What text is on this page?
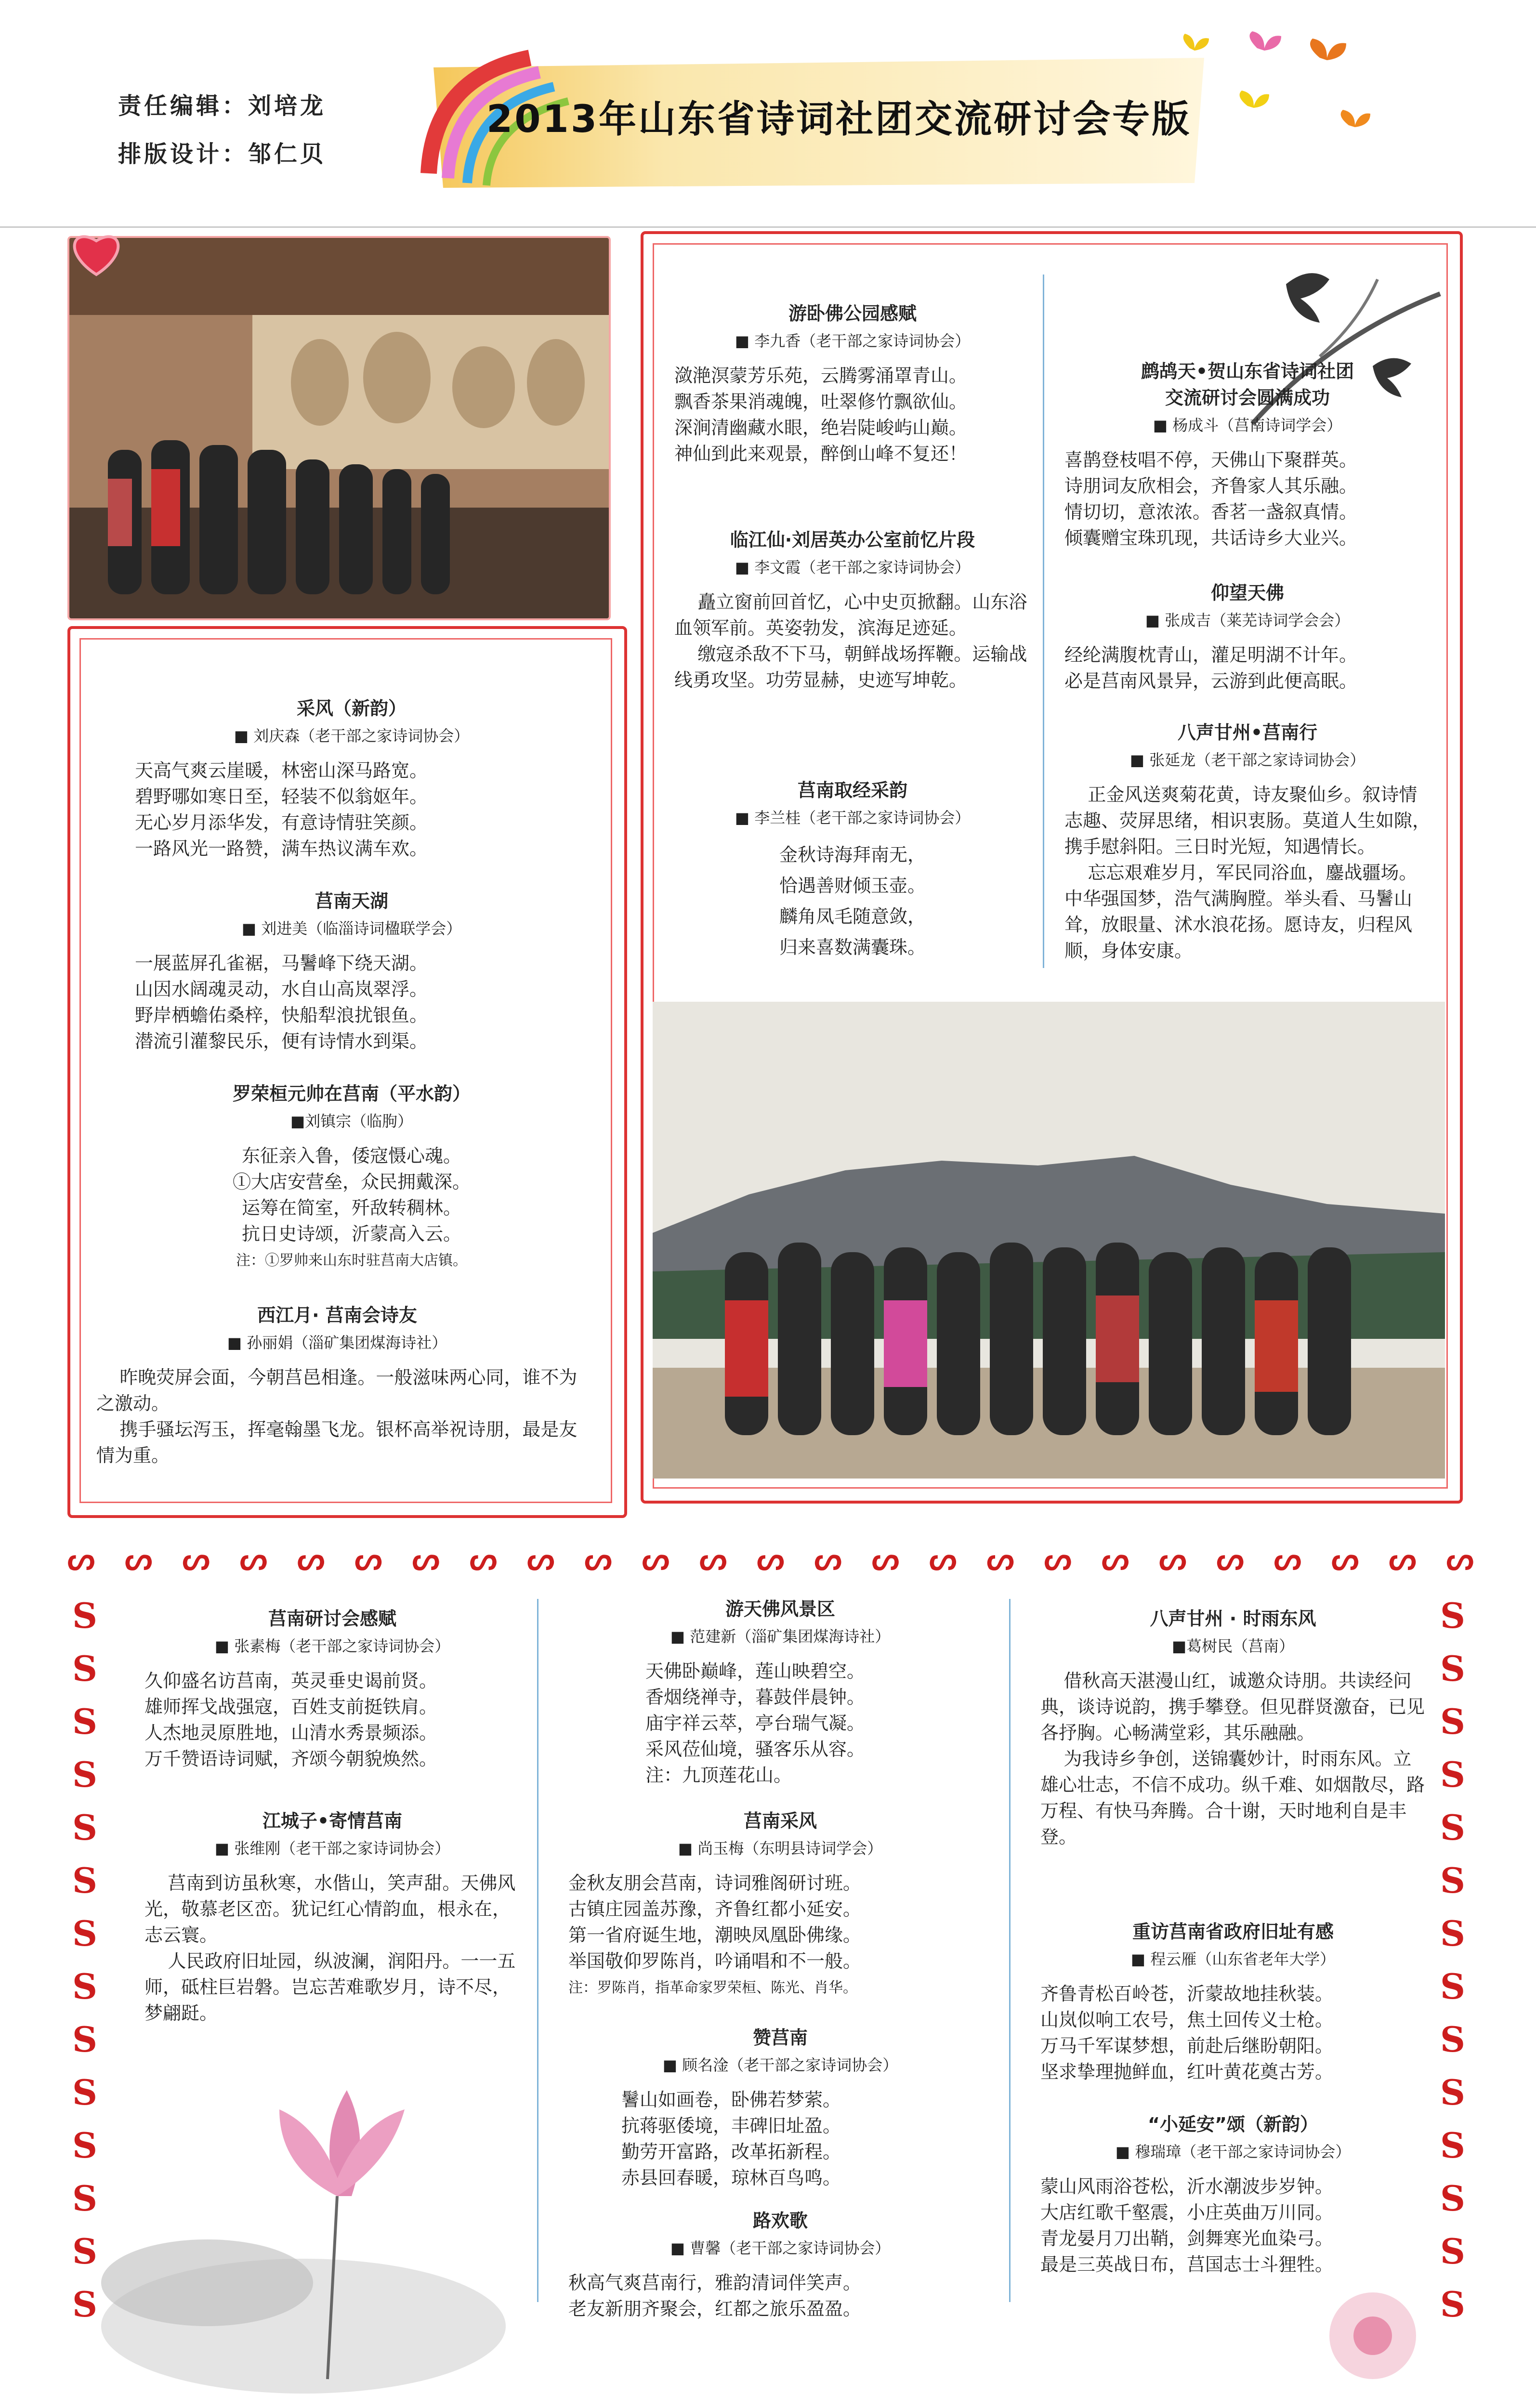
责任编辑：刘培龙
排版设计：邹仁贝
2013年山东省诗词社团交流研讨会专版
ᔕ ᔕ ᔕ ᔕ ᔕ ᔕ ᔕ ᔕ ᔕ ᔕ ᔕ ᔕ ᔕ ᔕ ᔕ ᔕ ᔕ ᔕ ᔕ ᔕ ᔕ ᔕ ᔕ ᔕ ᔕ
S
S
S
S
S
S
S
S
S
S
S
S
S
S
S
S
S
S
S
S
S
S
S
S
S
S
S
S
采风（新韵）
■ 刘庆森（老干部之家诗词协会）
天高气爽云崖暖，林密山深马路宽。
碧野哪如寒日至，轻装不似翁妪年。
无心岁月添华发，有意诗情驻笑颜。
一路风光一路赞，满车热议满车欢。
莒南天湖
■ 刘进美（临淄诗词楹联学会）
一展蓝屏孔雀裾，马鬐峰下绕天湖。
山因水阔魂灵动，水自山高岚翠浮。
野岸栖蟾佑桑梓，快船犁浪扰银鱼。
潜流引灌黎民乐，便有诗情水到渠。
罗荣桓元帅在莒南（平水韵）
■刘镇宗（临朐）
东征亲入鲁，倭寇慑心魂。
①大店安营垒，众民拥戴深。
运筹在简室，歼敌转稠林。
抗日史诗颂，沂蒙高入云。
注：①罗帅来山东时驻莒南大店镇。
西江月· 莒南会诗友
■ 孙丽娟（淄矿集团煤海诗社）
昨晚荧屏会面，今朝莒邑相逢。一般滋味两心同，谁不为之激动。
携手骚坛泻玉，挥毫翰墨飞龙。银杯高举祝诗朋，最是友情为重。
游卧佛公园感赋
■ 李九香（老干部之家诗词协会）
潋滟溟蒙芳乐苑，云腾雾涌罩青山。
飘香茶果消魂魄，吐翠修竹飘欲仙。
深涧清幽藏水眼，绝岩陡峻屿山巅。
神仙到此来观景，醉倒山峰不复还！
临江仙·刘居英办公室前忆片段
■ 李文霞（老干部之家诗词协会）
矗立窗前回首忆，心中史页掀翻。山东浴血领军前。英姿勃发，滨海足迹延。
缴寇杀敌不下马，朝鲜战场挥鞭。运输战线勇攻坚。功劳显赫，史迹写坤乾。
莒南取经采韵
■ 李兰桂（老干部之家诗词协会）
金秋诗海拜南无，
恰遇善财倾玉壶。
麟角凤毛随意敛，
归来喜数满囊珠。
鹧鸪天•贺山东省诗词社团
交流研讨会圆满成功
■ 杨成斗（莒南诗词学会）
喜鹊登枝唱不停，天佛山下聚群英。
诗朋词友欣相会，齐鲁家人其乐融。
情切切，意浓浓。香茗一盏叙真情。
倾囊赠宝珠玑现，共话诗乡大业兴。
仰望天佛
■ 张成吉（莱芜诗词学会会）
经纶满腹枕青山，灌足明湖不计年。
必是莒南风景异，云游到此便高眠。
八声甘州•莒南行
■ 张延龙（老干部之家诗词协会）
正金风送爽菊花黄，诗友聚仙乡。叙诗情志趣、荧屏思绪，相识衷肠。莫道人生如隙，携手慰斜阳。三日时光短，知遇情长。
忘忘艰难岁月，军民同浴血，鏖战疆场。中华强国梦，浩气满胸膛。举头看、马鬐山耸，放眼量、沭水浪花扬。愿诗友，归程风顺，身体安康。
莒南研讨会感赋
■ 张素梅（老干部之家诗词协会）
久仰盛名访莒南，英灵垂史谒前贤。
雄师挥戈战强寇，百姓支前挺铁肩。
人杰地灵原胜地，山清水秀景频添。
万千赞语诗词赋，齐颂今朝貌焕然。
江城子•寄情莒南
■ 张维刚（老干部之家诗词协会）
莒南到访虽秋寒，水偕山，笑声甜。天佛风光，敬慕老区峦。犹记红心情韵血，根永在，志云寰。
人民政府旧址园，纵波澜，润阳丹。一一五师，砥柱巨岩磐。岂忘苦难歌岁月，诗不尽，梦翩跹。
游天佛风景区
■ 范建新（淄矿集团煤海诗社）
天佛卧巅峰，莲山映碧空。
香烟绕禅寺，暮鼓伴晨钟。
庙宇祥云萃，亭台瑞气凝。
采风莅仙境，骚客乐从容。
注：九顶莲花山。
莒南采风
■ 尚玉梅（东明县诗词学会）
金秋友朋会莒南，诗词雅阁研讨班。
古镇庄园盖苏豫，齐鲁红都小延安。
第一省府诞生地，潮映凤凰卧佛缘。
举国敬仰罗陈肖，吟诵唱和不一般。
注：罗陈肖，指革命家罗荣桓、陈光、肖华。
赞莒南
■ 顾名淦（老干部之家诗词协会）
鬐山如画卷，卧佛若梦萦。
抗蒋驱倭境，丰碑旧址盈。
勤劳开富路，改革拓新程。
赤县回春暖，琼林百鸟鸣。
路欢歌
■ 曹馨（老干部之家诗词协会）
秋高气爽莒南行，雅韵清词伴笑声。
老友新朋齐聚会，红都之旅乐盈盈。
八声甘州 · 时雨东风
■葛树民（莒南）
借秋高天湛漫山红，诚邀众诗朋。共读经问典，谈诗说韵，携手攀登。但见群贤激奋，已见各抒胸。心畅满堂彩，其乐融融。
为我诗乡争创，送锦囊妙计，时雨东风。立雄心壮志，不信不成功。纵千难、如烟散尽，路万程、有快马奔腾。合十谢，天时地利自是丰登。
重访莒南省政府旧址有感
■ 程云雁（山东省老年大学）
齐鲁青松百岭苍，沂蒙故地挂秋装。
山岚似响工农号，焦土回传义士枪。
万马千军谋梦想，前赴后继盼朝阳。
坚求挚理抛鲜血，红叶黄花奠古芳。
“小延安”颂（新韵）
■ 穆瑞璋（老干部之家诗词协会）
蒙山风雨浴苍松，沂水潮波步岁钟。
大店红歌千壑震，小庄英曲万川同。
青龙晏月刀出鞘，剑舞寒光血染弓。
最是三英战日布，莒国志士斗狸牲。
